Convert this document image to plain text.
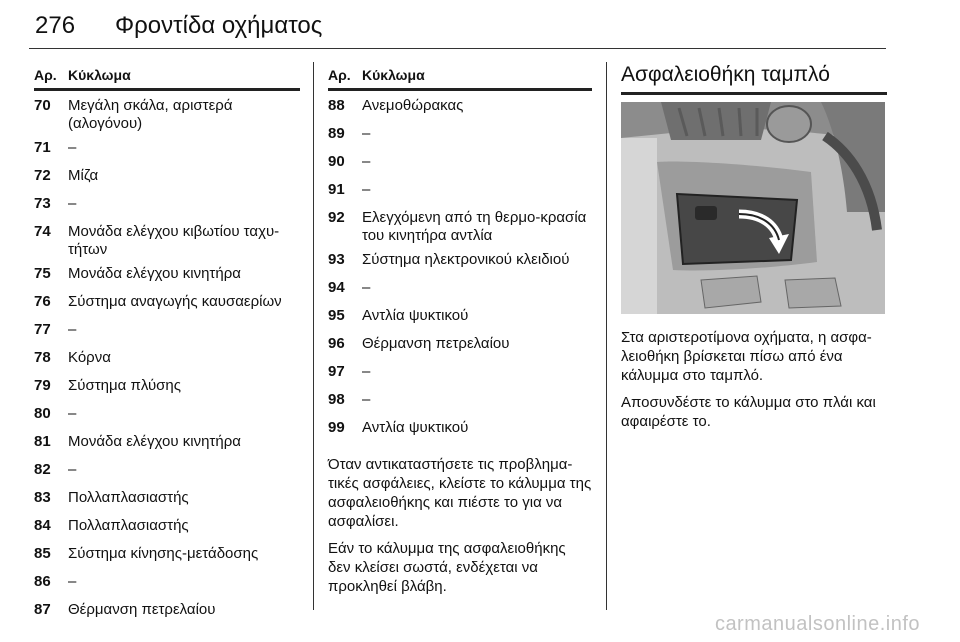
276 Φροντίδα οχήματος
Αρ. Κύκλωμα
70	Μεγάλη σκάλα, αριστερά (αλογόνου)
71	–
72	Μίζα
73	–
74	Μονάδα ελέγχου κιβωτίου ταχυ-τήτων
75	Μονάδα ελέγχου κινητήρα
76	Σύστημα αναγωγής καυσαερίων
77	–
78	Κόρνα
79	Σύστημα πλύσης
80	–
81	Μονάδα ελέγχου κινητήρα
82	–
83	Πολλαπλασιαστής
84	Πολλαπλασιαστής
85	Σύστημα κίνησης-μετάδοσης
86	–
87	Θέρμανση πετρελαίου
Αρ. Κύκλωμα
88	Ανεμοθώρακας
89	–
90	–
91	–
92	Ελεγχόμενη από τη θερμο-κρασία του κινητήρα αντλία
93	Σύστημα ηλεκτρονικού κλειδιού
94	–
95	Αντλία ψυκτικού
96	Θέρμανση πετρελαίου
97	–
98	–
99	Αντλία ψυκτικού
Όταν αντικαταστήσετε τις προβλημα-τικές ασφάλειες, κλείστε το κάλυμμα της ασφαλειοθήκης και πιέστε το για να ασφαλίσει.
Εάν το κάλυμμα της ασφαλειοθήκης δεν κλείσει σωστά, ενδέχεται να προκληθεί βλάβη.
Ασφαλειοθήκη ταμπλό
Στα αριστεροτίμονα οχήματα, η ασφα-λειοθήκη βρίσκεται πίσω από ένα κάλυμμα στο ταμπλό.
Αποσυνδέστε το κάλυμμα στο πλάι και αφαιρέστε το.
carmanualsonline.info
